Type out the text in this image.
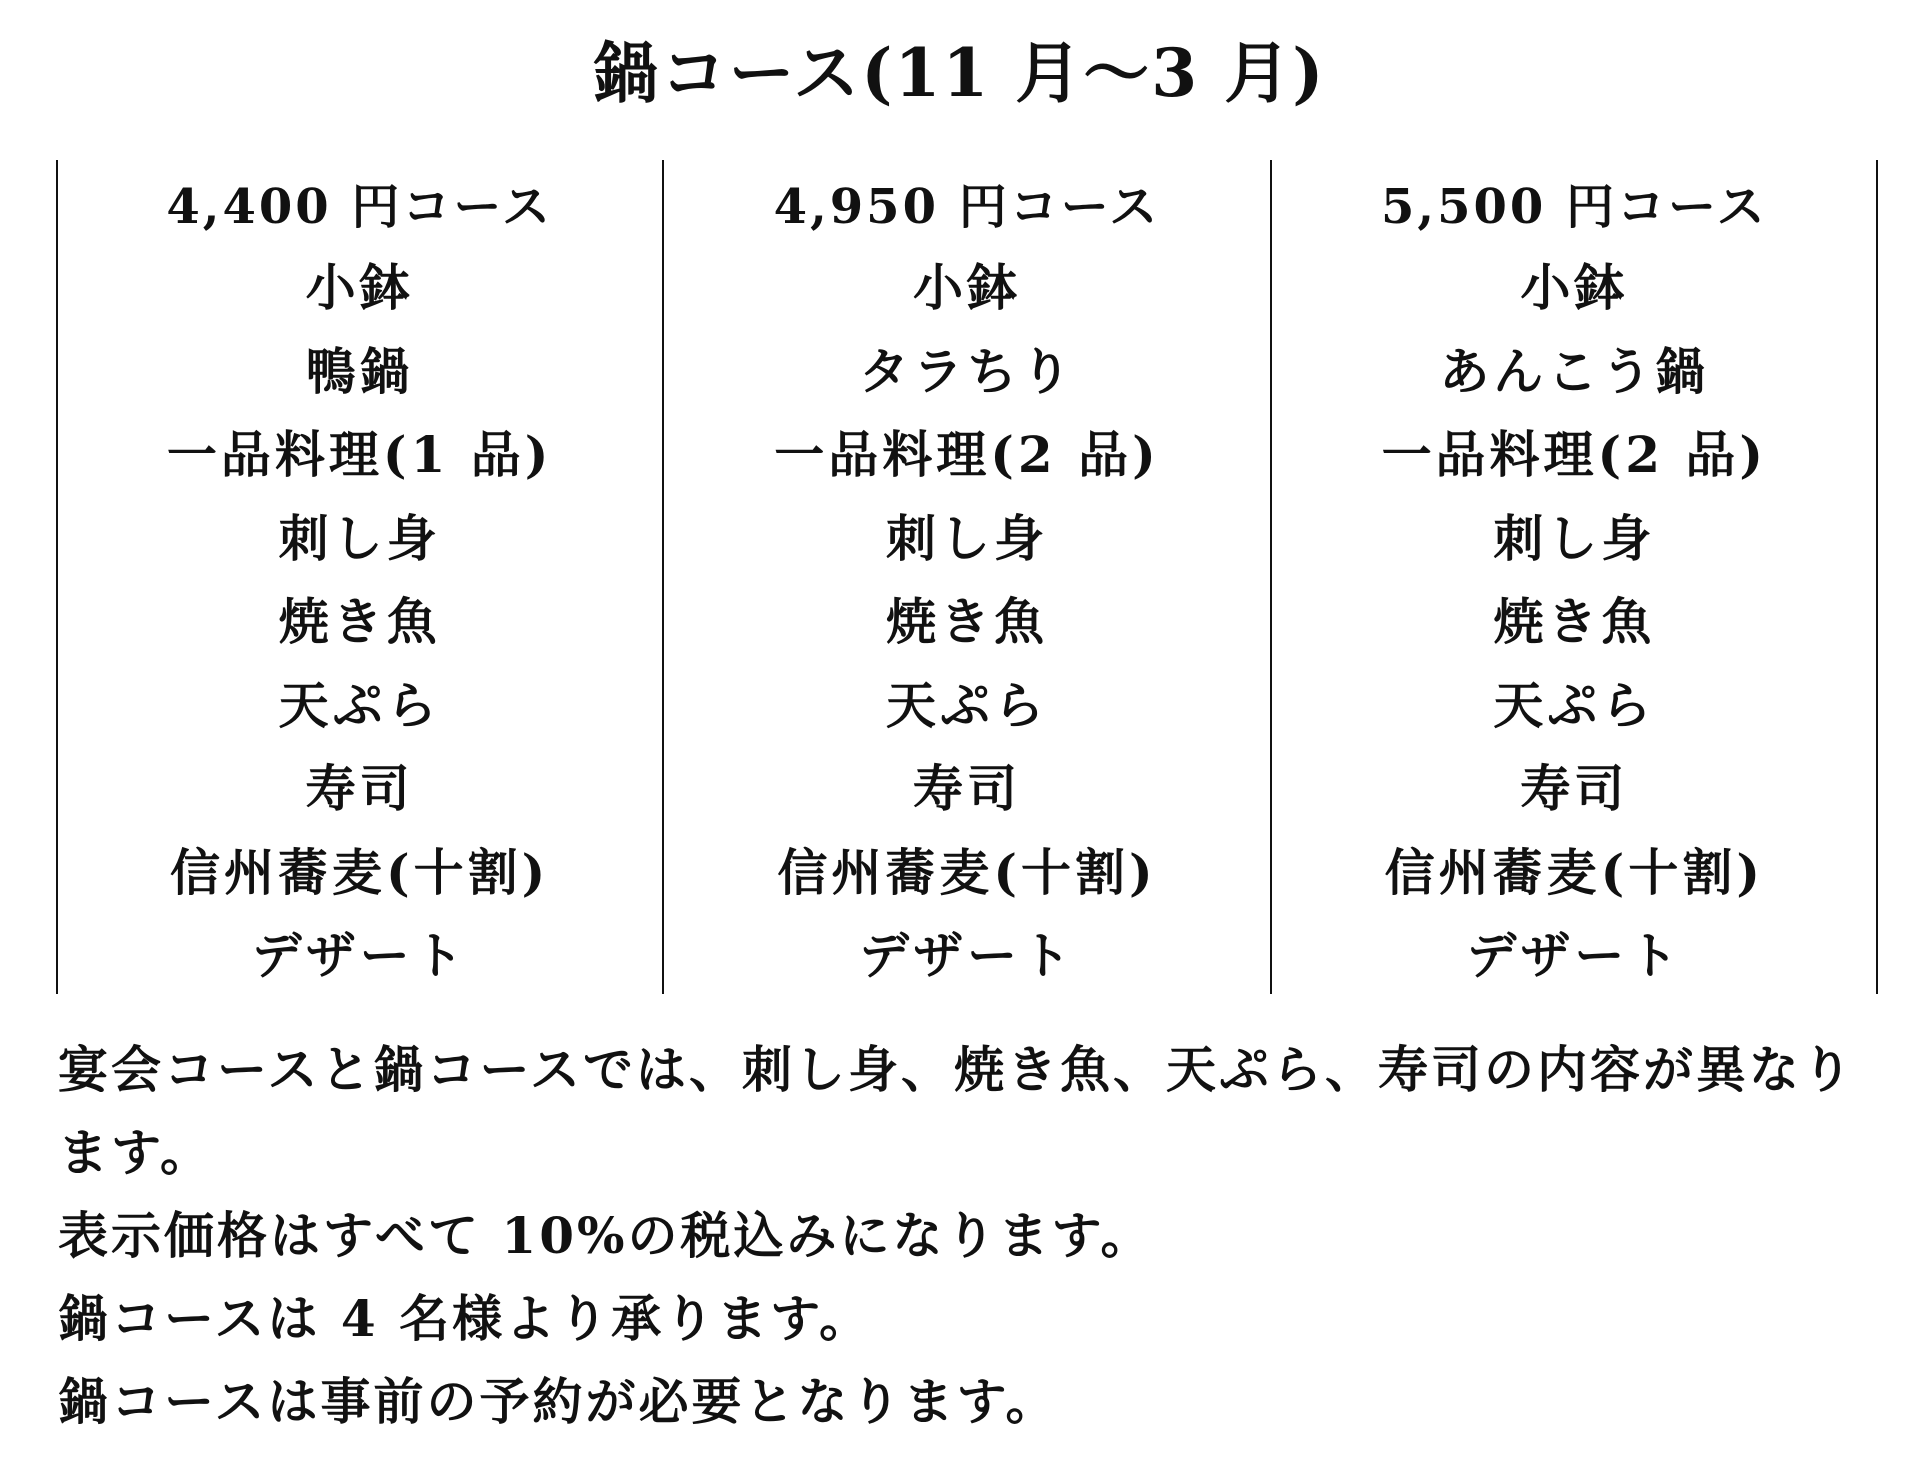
鍋コース(11 月～3 月)
4,400 円コース
小鉢
鴨鍋
一品料理(1 品)
刺し身
焼き魚
天ぷら
寿司
信州蕎麦(十割)
デザート
4,950 円コース
小鉢
タラちり
一品料理(2 品)
刺し身
焼き魚
天ぷら
寿司
信州蕎麦(十割)
デザート
5,500 円コース
小鉢
あんこう鍋
一品料理(2 品)
刺し身
焼き魚
天ぷら
寿司
信州蕎麦(十割)
デザート

宴会コースと鍋コースでは、刺し身、焼き魚、天ぷら、寿司の内容が異なります。

表示価格はすべて 10%の税込みになります。

鍋コースは 4 名様より承ります。

鍋コースは事前の予約が必要となります。
